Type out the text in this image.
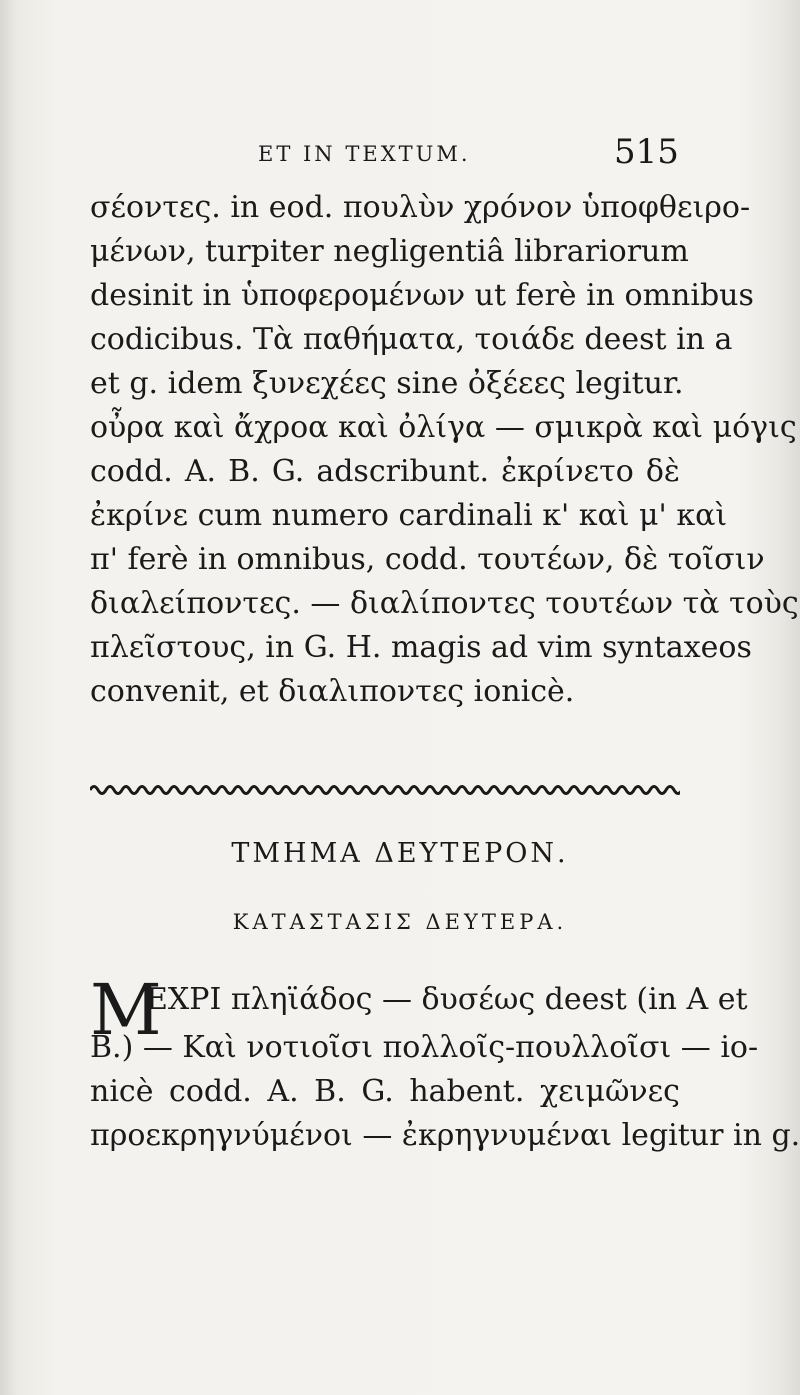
ET IN TEXTUM.	515
σέοντες. in eod. πουλὺν χρόνον ὑποφθειρο-
μένων, turpiter negligentiâ librariorum
desinit in ὑποφερομένων ut ferè in omnibus
codicibus. Τὰ παθήματα, τοιάδε deest in a
et g. idem ξυνεχέες sine ὀξέεες legitur.
οὖρα καὶ ἄχροα καὶ ὀλίγα — σμικρὰ καὶ μόγις
codd. A. B. G. adscribunt. ἐκρίνετο δὲ
ἐκρίνε cum numero cardinali κ' καὶ μ' καὶ
π' ferè in omnibus, codd. τουτέων, δὲ τοῖσιν
διαλείποντες. — διαλίποντες τουτέων τὰ τοὺς
πλεῖστους, in G. H. magis ad vim syntaxeos
convenit, et διαλιποντες ionicè.
ΤΜΗΜΑ ΔΕΥΤΕΡΟΝ.
ΚΑΤΑΣΤΑΣΙΣ ΔΕΥΤΕΡΑ.
M
ΕΧΡΙ πληϊάδος — δυσέως deest (in A et
B.) — Καὶ νοτιοῖσι πολλοῖς-πουλλοῖσι — io-
nicè codd. A. B. G. habent. χειμῶνες
προεκρηγνύμένοι — ἐκρηγνυμέναι legitur in g.
